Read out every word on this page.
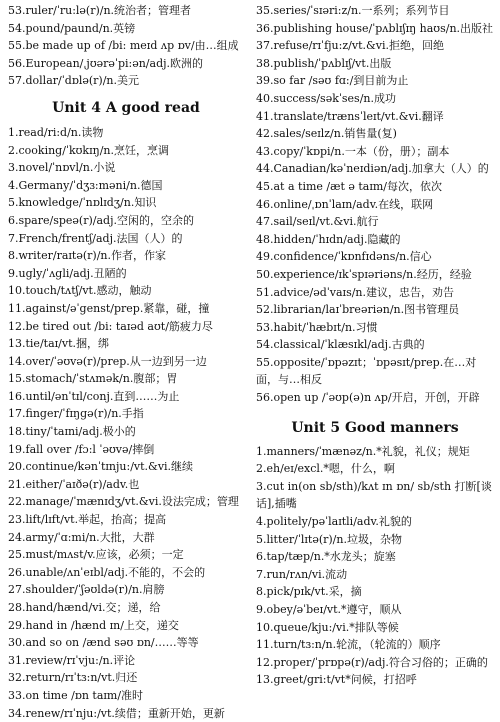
53.ruler/ˈru:lə(r)/n.统治者；管理者
54.pound/paund/n.英镑
55.be made up of /bi: meɪd ʌp ɒv/由…组成
56.European/ˌjʊərəˈpi:ən/adj.欧洲的
57.dollar/ˈdɒlə(r)/n.美元
Unit 4 A good read
1.read/ri:d/n.读物
2.cooking/ˈkʊkɪŋ/n.烹饪，烹调
3.novel/ˈnɒvl/n.小说
4.Germany/ˈdʒɜ:məni/n.德国
5.knowledge/ˈnɒlɪdʒ/n.知识
6.spare/speə(r)/adj.空闲的，空余的
7.French/frentʃ/adj.法国（人）的
8.writer/raɪtə(r)/n.作者，作家
9.ugly/ˈʌgli/adj.丑陋的
10.touch/tʌtʃ/vt.感动，触动
11.against/əˈgenst/prep.紧靠，碰，撞
12.be tired out /bi: taɪəd aʊt/筋疲力尽
13.tie/taɪ/vt.捆，绑
14.over/ˈəʊvə(r)/prep.从一边到另一边
15.stomach/ˈstʌmək/n.腹部；胃
16.until/ənˈtɪl/conj.直到……为止
17.finger/ˈfɪŋgə(r)/n.手指
18.tiny/ˈtaɪni/adj.极小的
19.fall over /fɔ:l ˈəʊvə/摔倒
20.continue/kənˈtɪnju:/vt.&vi.继续
21.either/ˈaɪðə(r)/adv.也
22.manage/ˈmænɪdʒ/vt.&vi.设法完成；管理
23.lift/lɪft/vt.举起，抬高；提高
24.army/ˈɑ:mi/n.大批，大群
25.must/mʌst/v.应该，必须；一定
26.unable/ʌnˈeɪbl/adj.不能的，不会的
27.shoulder/ˈʃəʊldə(r)/n.肩膀
28.hand/hænd/vi.交；递，给
29.hand in /hænd ɪn/上交，递交
30.and so on /ænd səʊ ɒn/……等等
31.review/rɪˈvju:/n.评论
32.return/rɪˈtɜ:n/vt.归还
33.on time /ɒn taɪm/准时
34.renew/rɪˈnju:/vt.续借；重新开始，更新
35.series/ˈsɪəri:z/n.一系列；系列节目
36.publishing house/ˈpʌblɪʃɪŋ haʊs/n.出版社
37.refuse/rɪˈfju:z/vt.&vi.拒绝，回绝
38.publish/ˈpʌblɪʃ/vt.出版
39.so far /səʊ fɑ:/到目前为止
40.success/səkˈses/n.成功
41.translate/trænsˈleɪt/vt.&vi.翻译
42.sales/seɪlz/n.销售量(复)
43.copy/ˈkɒpi/n.一本（份，册）；副本
44.Canadian/kəˈneɪdiən/adj.加拿大（人）的
45.at a time /æt ə taɪm/每次，依次
46.online/ˌɒnˈlaɪn/adv.在线，联网
47.sail/seɪl/vt.&vi.航行
48.hidden/ˈhɪdn/adj.隐藏的
49.confidence/ˈkɒnfɪdəns/n.信心
50.experience/ɪkˈspɪəriəns/n.经历，经验
51.advice/ədˈvaɪs/n.建议，忠告，劝告
52.librarian/laɪˈbreəriən/n.图书管理员
53.habit/ˈhæbɪt/n.习惯
54.classical/ˈklæsɪkl/adj.古典的
55.opposite/ˈɒpəzɪt；ˈɒpəsɪt/prep.在…对面，与…相反
56.open up /ˈəʊp(ə)n ʌp/开启，开创，开辟
Unit 5 Good manners
1.manners/ˈmænəz/n.*礼貌，礼仪；规矩
2.eh/eɪ/excl.*嗯，什么，啊
3.cut in(on sb/sth)/kʌt ɪn ɒn/ sb/sth 打断[谈话],插嘴
4.politely/pəˈlaɪtli/adv.礼貌的
5.litter/ˈlɪtə(r)/n.垃圾，杂物
6.tap/tæp/n.*水龙头；旋塞
7.run/rʌn/vi.流动
8.pick/pɪk/vt.采，摘
9.obey/əˈbeɪ/vt.*遵守，顺从
10.queue/kju:/vi.*排队等候
11.turn/tɜ:n/n.轮流，（轮流的）顺序
12.proper/ˈprɒpə(r)/adj.符合习俗的；正确的
13.greet/gri:t/vt*问候，打招呼
